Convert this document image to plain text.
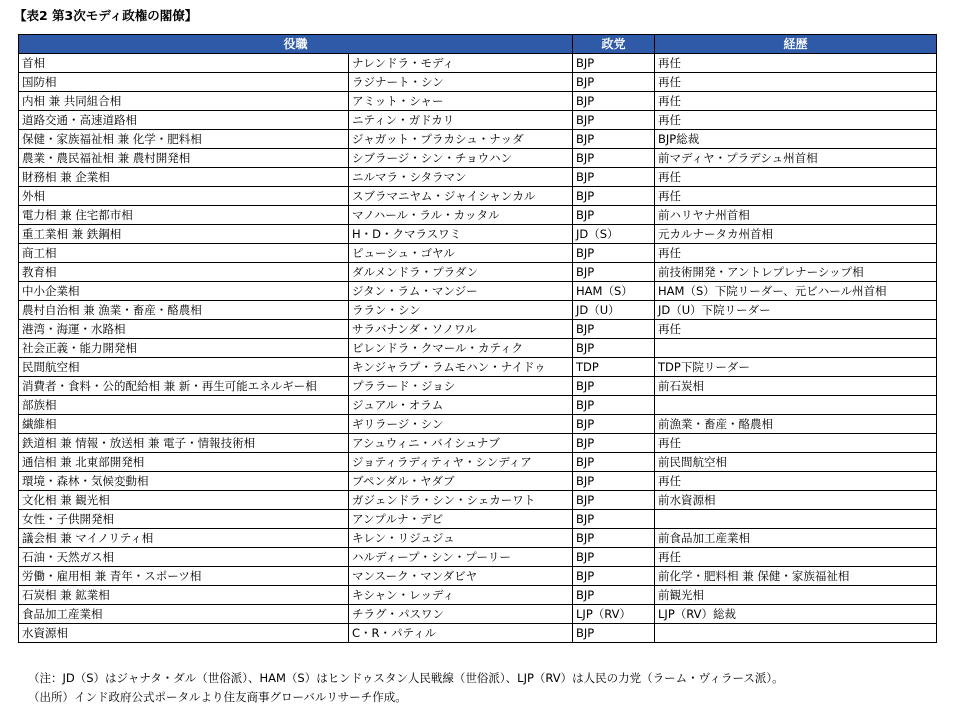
【表2 第3次モディ政権の閣僚】
役職		政党	経歴
首相	ナレンドラ・モディ	BJP	再任
国防相	ラジナート・シン	BJP	再任
内相 兼 共同組合相	アミット・シャー	BJP	再任
道路交通・高速道路相	ニティン・ガドカリ	BJP	再任
保健・家族福祉相 兼 化学・肥料相	ジャガット・プラカシュ・ナッダ	BJP	BJP総裁
農業・農民福祉相 兼 農村開発相	シブラージ・シン・チョウハン	BJP	前マディヤ・プラデシュ州首相
財務相 兼 企業相	ニルマラ・シタラマン	BJP	再任
外相	スブラマニヤム・ジャイシャンカル	BJP	再任
電力相 兼 住宅都市相	マノハール・ラル・カッタル	BJP	前ハリヤナ州首相
重工業相 兼 鉄鋼相	H・D・クマラスワミ	JD（S）	元カルナータカ州首相
商工相	ピューシュ・ゴヤル	BJP	再任
教育相	ダルメンドラ・プラダン	BJP	前技術開発・アントレプレナーシップ相
中小企業相	ジタン・ラム・マンジー	HAM（S）	HAM（S）下院リーダー、元ビハール州首相
農村自治相 兼 漁業・畜産・酪農相	ララン・シン	JD（U）	JD（U）下院リーダー
港湾・海運・水路相	サラバナンダ・ソノワル	BJP	再任
社会正義・能力開発相	ビレンドラ・クマール・カティク	BJP	
民間航空相	キンジャラプ・ラムモハン・ナイドゥ	TDP	TDP下院リーダー
消費者・食料・公的配給相 兼 新・再生可能エネルギー相	プララード・ジョシ	BJP	前石炭相
部族相	ジュアル・オラム	BJP	
繊維相	ギリラージ・シン	BJP	前漁業・畜産・酪農相
鉄道相 兼 情報・放送相 兼 電子・情報技術相	アシュウィニ・バイシュナブ	BJP	再任
通信相 兼 北東部開発相	ジョティラディティヤ・シンディア	BJP	前民間航空相
環境・森林・気候変動相	ブペンダル・ヤダブ	BJP	再任
文化相 兼 観光相	ガジェンドラ・シン・シェカーワト	BJP	前水資源相
女性・子供開発相	アンプルナ・デビ	BJP	
議会相 兼 マイノリティ相	キレン・リジュジュ	BJP	前食品加工産業相
石油・天然ガス相	ハルディープ・シン・プーリー	BJP	再任
労働・雇用相 兼 青年・スポーツ相	マンスーク・マンダビヤ	BJP	前化学・肥料相 兼 保健・家族福祉相
石炭相 兼 鉱業相	キシャン・レッディ	BJP	前観光相
食品加工産業相	チラグ・パスワン	LJP（RV）	LJP（RV）総裁
水資源相	C・R・パティル	BJP	
（注：JD（S）はジャナタ・ダル（世俗派）、HAM（S）はヒンドゥスタン人民戦線（世俗派）、LJP（RV）は人民の力党（ラーム・ヴィラース派）。
（出所）インド政府公式ポータルより住友商事グローバルリサーチ作成。
